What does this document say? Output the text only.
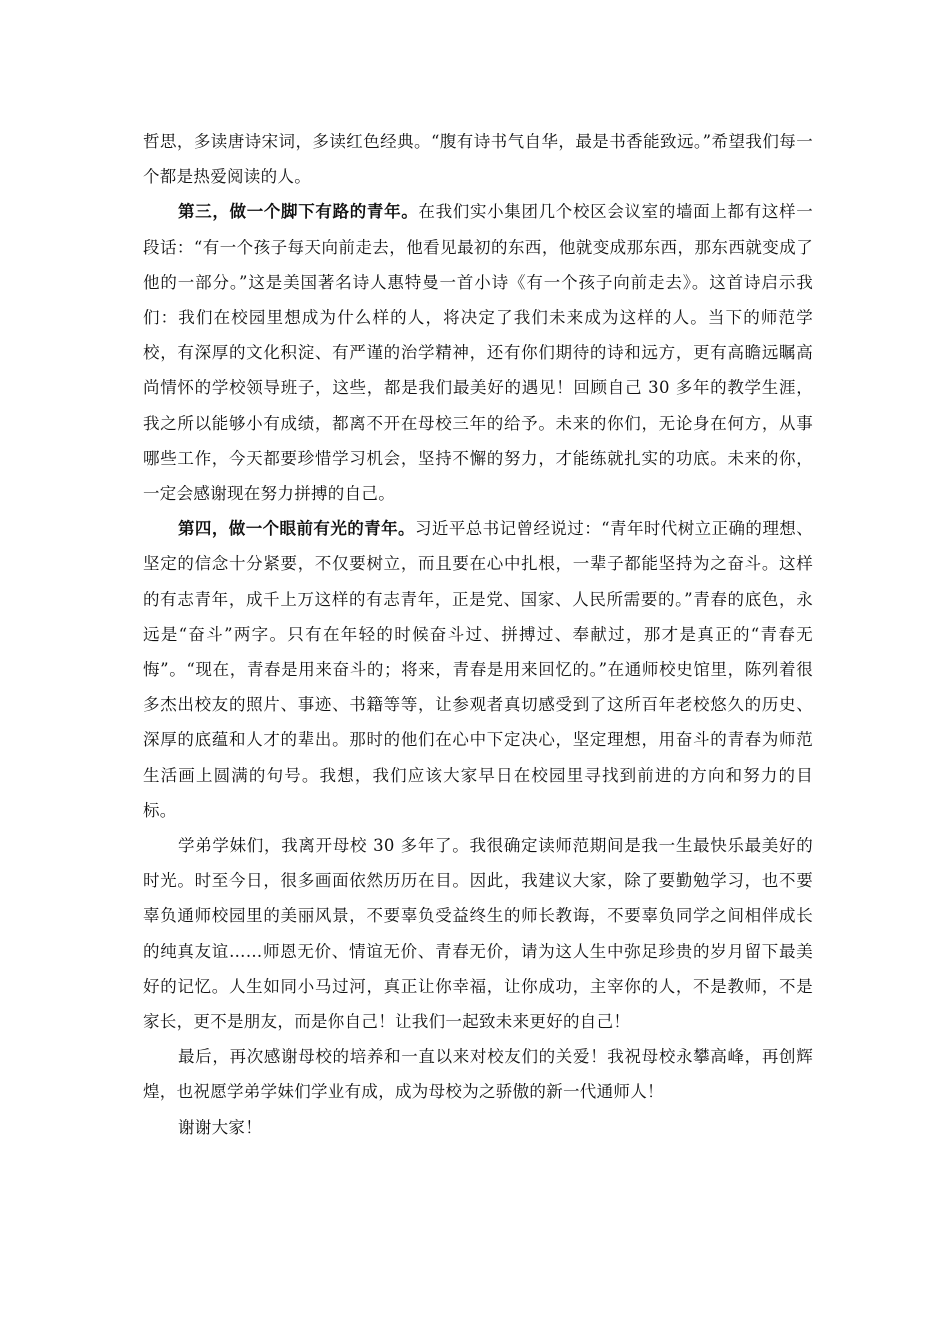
哲思，多读唐诗宋词，多读红色经典。“腹有诗书气自华，最是书香能致远。”希望我们每一个都是热爱阅读的人。

第三，做一个脚下有路的青年。在我们实小集团几个校区会议室的墙面上都有这样一段话：“有一个孩子每天向前走去，他看见最初的东西，他就变成那东西，那东西就变成了他的一部分。”这是美国著名诗人惠特曼一首小诗《有一个孩子向前走去》。这首诗启示我们：我们在校园里想成为什么样的人，将决定了我们未来成为这样的人。当下的师范学校，有深厚的文化积淀、有严谨的治学精神，还有你们期待的诗和远方，更有高瞻远瞩高尚情怀的学校领导班子，这些，都是我们最美好的遇见！回顾自己 30 多年的教学生涯，我之所以能够小有成绩，都离不开在母校三年的给予。未来的你们，无论身在何方，从事哪些工作，今天都要珍惜学习机会，坚持不懈的努力，才能练就扎实的功底。未来的你，一定会感谢现在努力拼搏的自己。

第四，做一个眼前有光的青年。习近平总书记曾经说过：“青年时代树立正确的理想、坚定的信念十分紧要，不仅要树立，而且要在心中扎根，一辈子都能坚持为之奋斗。这样的有志青年，成千上万这样的有志青年，正是党、国家、人民所需要的。”青春的底色，永远是“奋斗”两字。只有在年轻的时候奋斗过、拼搏过、奉献过，那才是真正的“青春无悔”。“现在，青春是用来奋斗的；将来，青春是用来回忆的。”在通师校史馆里，陈列着很多杰出校友的照片、事迹、书籍等等，让参观者真切感受到了这所百年老校悠久的历史、深厚的底蕴和人才的辈出。那时的他们在心中下定决心，坚定理想，用奋斗的青春为师范生活画上圆满的句号。我想，我们应该大家早日在校园里寻找到前进的方向和努力的目标。

学弟学妹们，我离开母校 30 多年了。我很确定读师范期间是我一生最快乐最美好的时光。时至今日，很多画面依然历历在目。因此，我建议大家，除了要勤勉学习，也不要辜负通师校园里的美丽风景，不要辜负受益终生的师长教诲，不要辜负同学之间相伴成长的纯真友谊……师恩无价、情谊无价、青春无价，请为这人生中弥足珍贵的岁月留下最美好的记忆。人生如同小马过河，真正让你幸福，让你成功，主宰你的人，不是教师，不是家长，更不是朋友，而是你自己！让我们一起致未来更好的自己！

最后，再次感谢母校的培养和一直以来对校友们的关爱！我祝母校永攀高峰，再创辉煌，也祝愿学弟学妹们学业有成，成为母校为之骄傲的新一代通师人！

谢谢大家！
